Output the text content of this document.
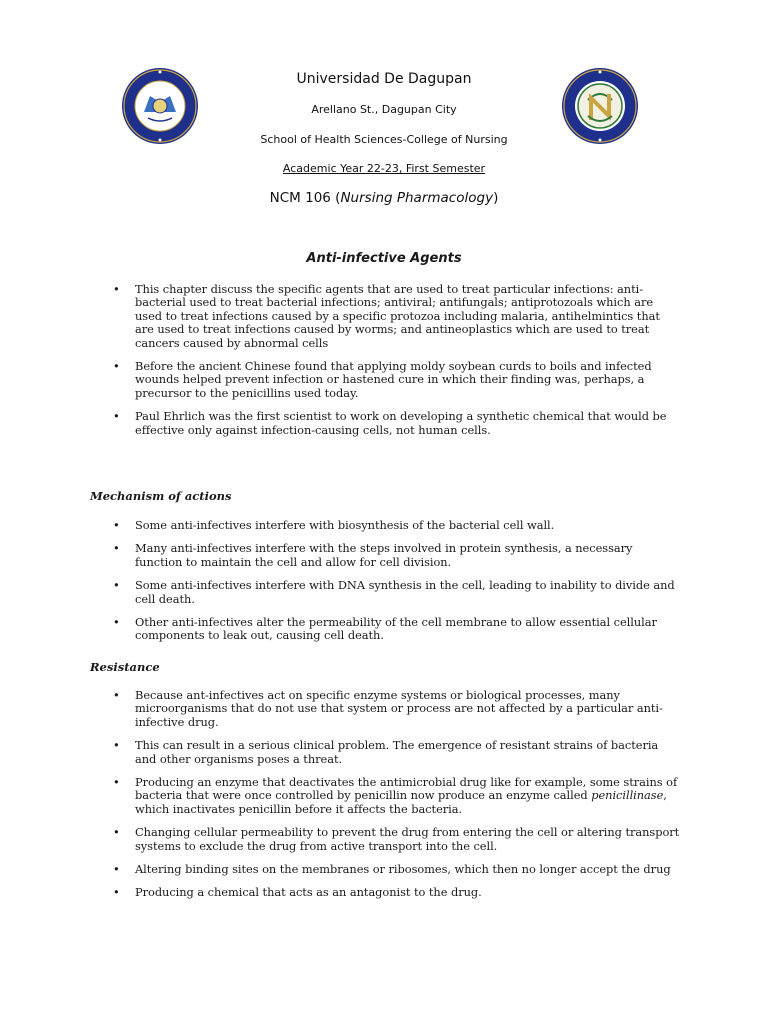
Universidad De Dagupan
Arellano St., Dagupan City
School of Health Sciences-College of Nursing
Academic Year 22-23, First Semester
NCM 106 (Nursing Pharmacology)
Anti-infective Agents
• This chapter discuss the specific agents that are used to treat particular infections: anti-bacterial used to treat bacterial infections; antiviral; antifungals; antiprotozoals which are used to treat infections caused by a specific protozoa including malaria, antihelmintics that are used to treat infections caused by worms; and antineoplastics which are used to treat cancers caused by abnormal cells
• Before the ancient Chinese found that applying moldy soybean curds to boils and infected wounds helped prevent infection or hastened cure in which their finding was, perhaps, a precursor to the penicillins used today.
• Paul Ehrlich was the first scientist to work on developing a synthetic chemical that would be effective only against infection-causing cells, not human cells.
Mechanism of actions
• Some anti-infectives interfere with biosynthesis of the bacterial cell wall.
• Many anti-infectives interfere with the steps involved in protein synthesis, a necessary function to maintain the cell and allow for cell division.
• Some anti-infectives interfere with DNA synthesis in the cell, leading to inability to divide and cell death.
• Other anti-infectives alter the permeability of the cell membrane to allow essential cellular components to leak out, causing cell death.
Resistance
• Because ant-infectives act on specific enzyme systems or biological processes, many microorganisms that do not use that system or process are not affected by a particular anti-infective drug.
• This can result in a serious clinical problem. The emergence of resistant strains of bacteria and other organisms poses a threat.
• Producing an enzyme that deactivates the antimicrobial drug like for example, some strains of bacteria that were once controlled by penicillin now produce an enzyme called penicillinase, which inactivates penicillin before it affects the bacteria.
• Changing cellular permeability to prevent the drug from entering the cell or altering transport systems to exclude the drug from active transport into the cell.
• Altering binding sites on the membranes or ribosomes, which then no longer accept the drug
• Producing a chemical that acts as an antagonist to the drug.
